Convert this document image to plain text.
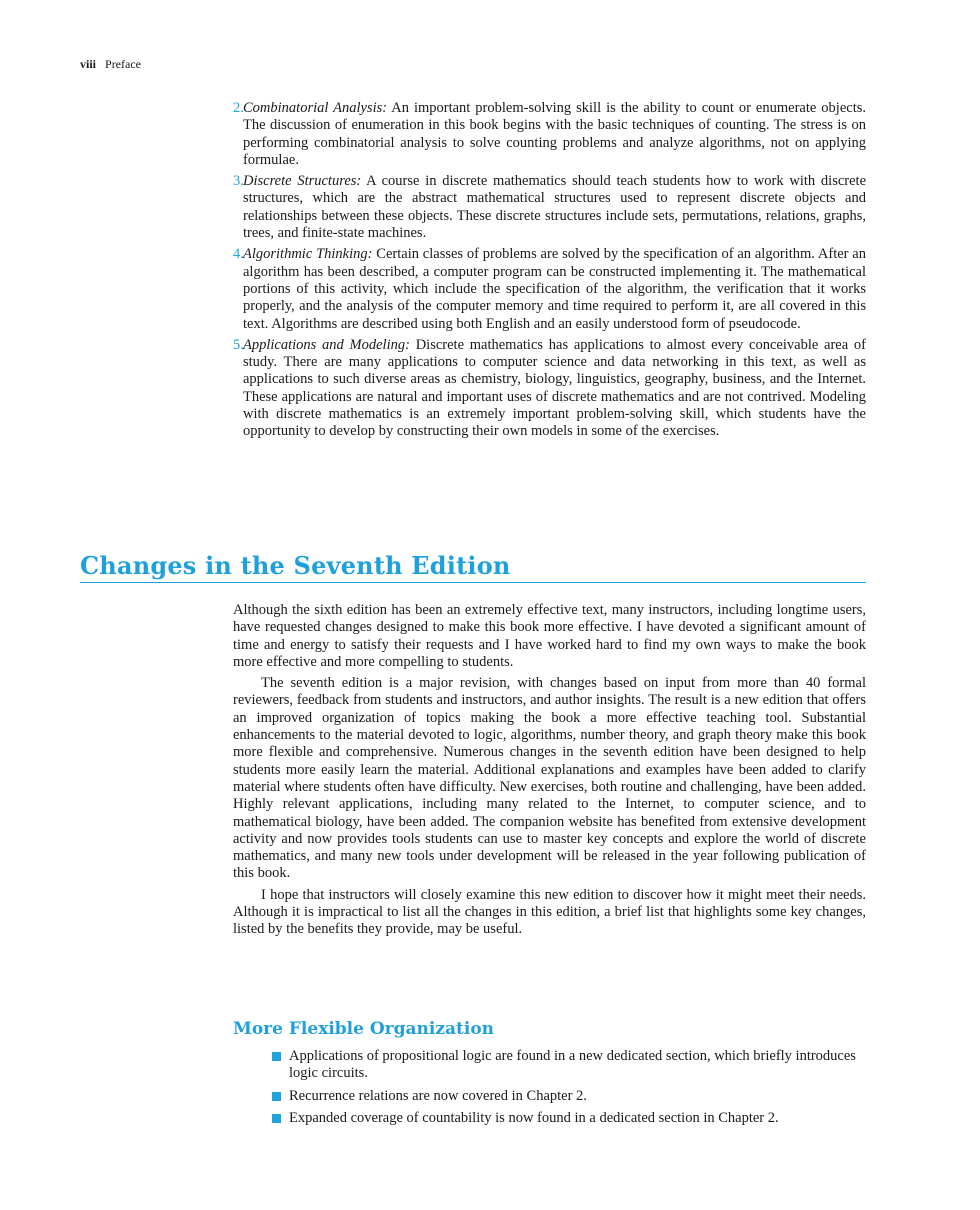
viii Preface
2. Combinatorial Analysis: An important problem-solving skill is the ability to count or enumerate objects. The discussion of enumeration in this book begins with the basic techniques of counting. The stress is on performing combinatorial analysis to solve counting problems and analyze algorithms, not on applying formulae.
3. Discrete Structures: A course in discrete mathematics should teach students how to work with discrete structures, which are the abstract mathematical structures used to represent discrete objects and relationships between these objects. These discrete structures include sets, permutations, relations, graphs, trees, and finite-state machines.
4. Algorithmic Thinking: Certain classes of problems are solved by the specification of an algorithm. After an algorithm has been described, a computer program can be constructed implementing it. The mathematical portions of this activity, which include the specification of the algorithm, the verification that it works properly, and the analysis of the computer memory and time required to perform it, are all covered in this text. Algorithms are described using both English and an easily understood form of pseudocode.
5. Applications and Modeling: Discrete mathematics has applications to almost every conceivable area of study. There are many applications to computer science and data networking in this text, as well as applications to such diverse areas as chemistry, biology, linguistics, geography, business, and the Internet. These applications are natural and important uses of discrete mathematics and are not contrived. Modeling with discrete mathematics is an extremely important problem-solving skill, which students have the opportunity to develop by constructing their own models in some of the exercises.
Changes in the Seventh Edition

Although the sixth edition has been an extremely effective text, many instructors, including longtime users, have requested changes designed to make this book more effective. I have devoted a significant amount of time and energy to satisfy their requests and I have worked hard to find my own ways to make the book more effective and more compelling to students.

The seventh edition is a major revision, with changes based on input from more than 40 formal reviewers, feedback from students and instructors, and author insights. The result is a new edition that offers an improved organization of topics making the book a more effective teaching tool. Substantial enhancements to the material devoted to logic, algorithms, number theory, and graph theory make this book more flexible and comprehensive. Numerous changes in the seventh edition have been designed to help students more easily learn the material. Additional explanations and examples have been added to clarify material where students often have difficulty. New exercises, both routine and challenging, have been added. Highly relevant applications, including many related to the Internet, to computer science, and to mathematical biology, have been added. The companion website has benefited from extensive development activity and now provides tools students can use to master key concepts and explore the world of discrete mathematics, and many new tools under development will be released in the year following publication of this book.

I hope that instructors will closely examine this new edition to discover how it might meet their needs. Although it is impractical to list all the changes in this edition, a brief list that highlights some key changes, listed by the benefits they provide, may be useful.

More Flexible Organization
Applications of propositional logic are found in a new dedicated section, which briefly introduces logic circuits.
Recurrence relations are now covered in Chapter 2.
Expanded coverage of countability is now found in a dedicated section in Chapter 2.
